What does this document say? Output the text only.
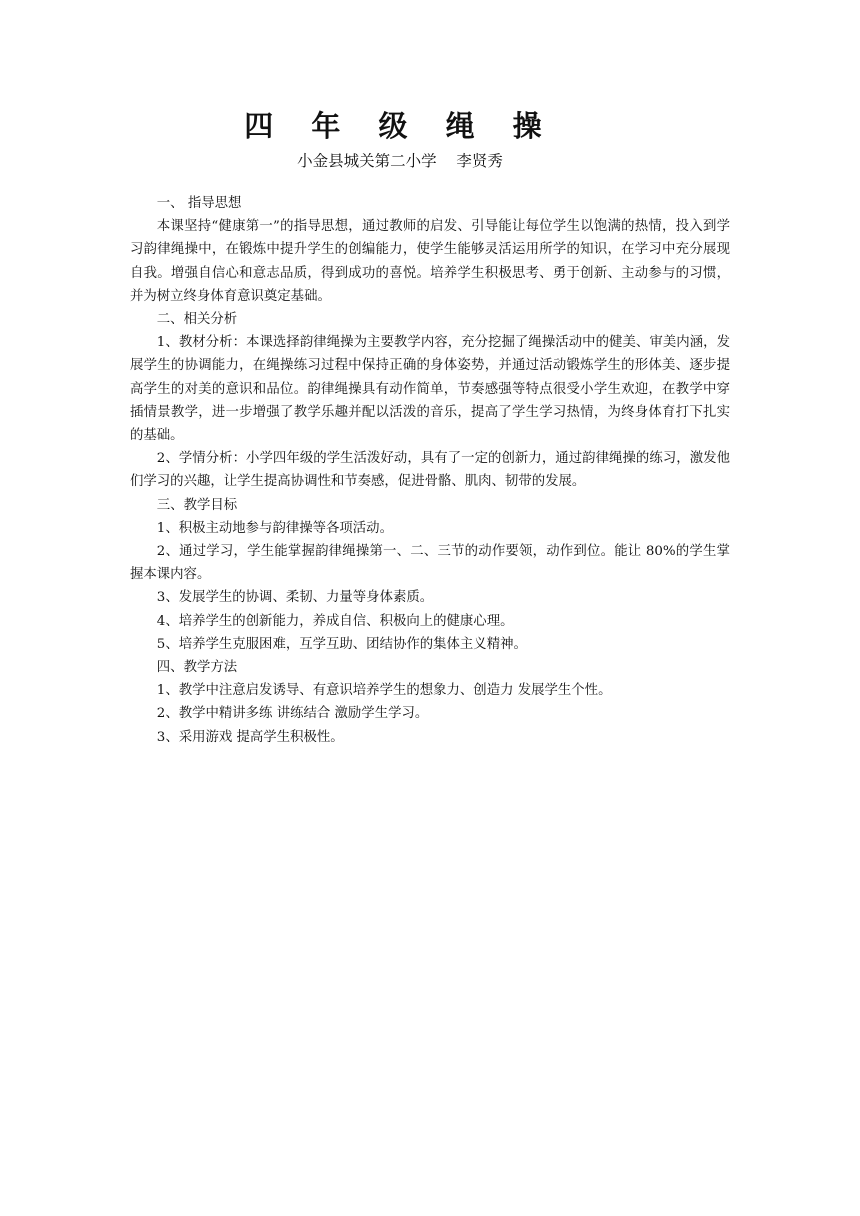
四 年 级 绳 操
小金县城关第二小学    李贤秀

一、 指导思想

本课坚持“健康第一”的指导思想，通过教师的启发、引导能让每位学生以饱满的热情，投入到学习韵律绳操中，在锻炼中提升学生的创编能力，使学生能够灵活运用所学的知识，在学习中充分展现自我。增强自信心和意志品质，得到成功的喜悦。培养学生积极思考、勇于创新、主动参与的习惯，并为树立终身体育意识奠定基础。

二、相关分析

1、教材分析：本课选择韵律绳操为主要教学内容，充分挖掘了绳操活动中的健美、审美内涵，发展学生的协调能力，在绳操练习过程中保持正确的身体姿势，并通过活动锻炼学生的形体美、逐步提高学生的对美的意识和品位。韵律绳操具有动作简单，节奏感强等特点很受小学生欢迎，在教学中穿插情景教学，进一步增强了教学乐趣并配以活泼的音乐，提高了学生学习热情，为终身体育打下扎实的基础。

2、学情分析：小学四年级的学生活泼好动，具有了一定的创新力，通过韵律绳操的练习，激发他们学习的兴趣，让学生提高协调性和节奏感，促进骨骼、肌肉、韧带的发展。

三、教学目标

1、积极主动地参与韵律操等各项活动。

2、通过学习，学生能掌握韵律绳操第一、二、三节的动作要领，动作到位。能让 80%的学生掌握本课内容。

3、发展学生的协调、柔韧、力量等身体素质。

4、培养学生的创新能力，养成自信、积极向上的健康心理。

5、培养学生克服困难，互学互助、团结协作的集体主义精神。

四、教学方法

1、教学中注意启发诱导、有意识培养学生的想象力、创造力 发展学生个性。

2、教学中精讲多练 讲练结合 激励学生学习。

3、采用游戏 提高学生积极性。
